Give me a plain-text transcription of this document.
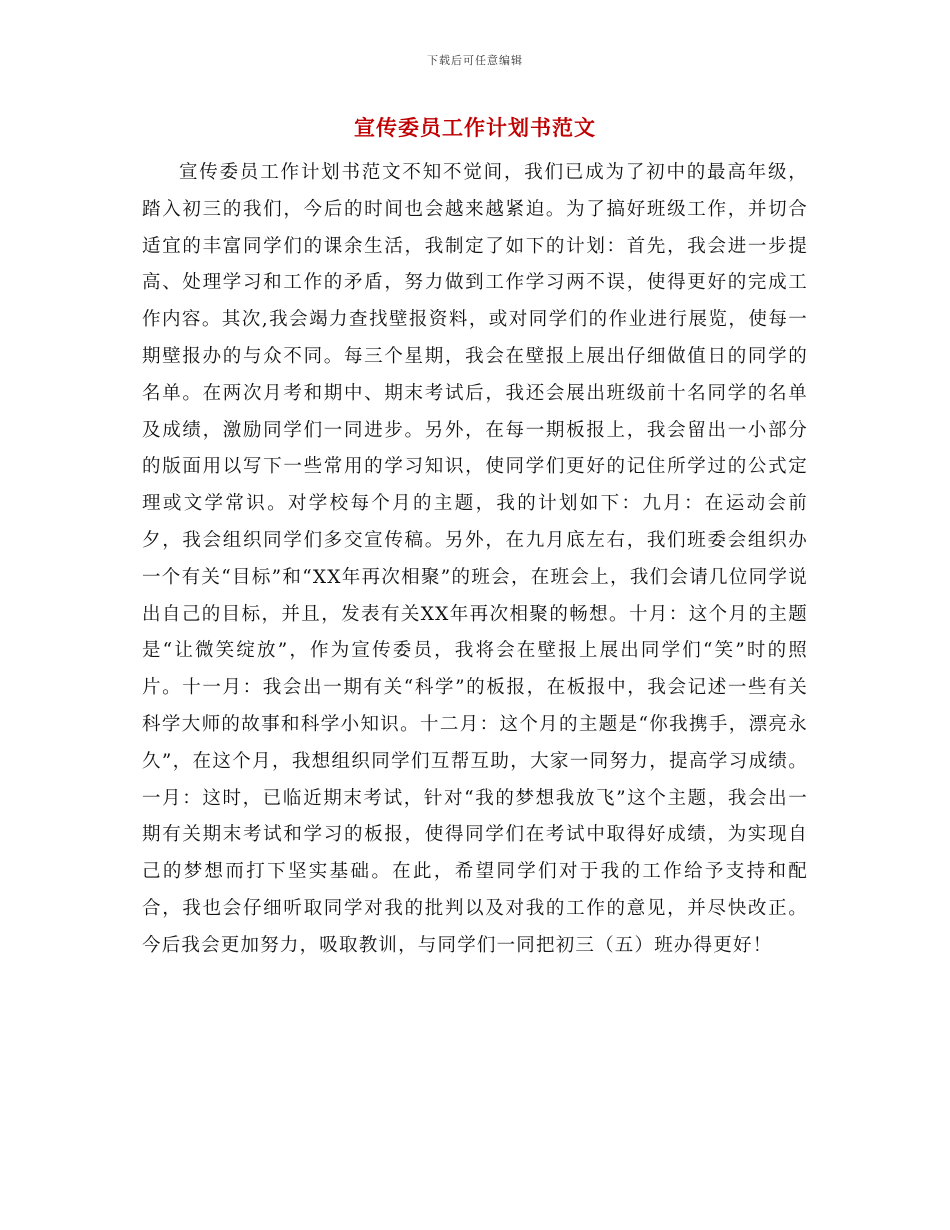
下载后可任意编辑
宣传委员工作计划书范文

宣传委员工作计划书范文不知不觉间，我们已成为了初中的最高年级，踏入初三的我们，今后的时间也会越来越紧迫。为了搞好班级工作，并切合适宜的丰富同学们的课余生活，我制定了如下的计划：首先，我会进一步提高、处理学习和工作的矛盾，努力做到工作学习两不误，使得更好的完成工作内容。其次,我会竭力查找壁报资料，或对同学们的作业进行展览，使每一期壁报办的与众不同。每三个星期，我会在壁报上展出仔细做值日的同学的名单。在两次月考和期中、期末考试后，我还会展出班级前十名同学的名单及成绩，激励同学们一同进步。另外，在每一期板报上，我会留出一小部分的版面用以写下一些常用的学习知识，使同学们更好的记住所学过的公式定理或文学常识。对学校每个月的主题，我的计划如下：九月：在运动会前夕，我会组织同学们多交宣传稿。另外，在九月底左右，我们班委会组织办一个有关“目标”和“XX年再次相聚”的班会，在班会上，我们会请几位同学说出自己的目标，并且，发表有关XX年再次相聚的畅想。十月：这个月的主题是“让微笑绽放”，作为宣传委员，我将会在壁报上展出同学们“笑”时的照片。十一月：我会出一期有关“科学”的板报，在板报中，我会记述一些有关科学大师的故事和科学小知识。十二月：这个月的主题是“你我携手，漂亮永久”，在这个月，我想组织同学们互帮互助，大家一同努力，提高学习成绩。一月：这时，已临近期末考试，针对“我的梦想我放飞”这个主题，我会出一期有关期末考试和学习的板报，使得同学们在考试中取得好成绩，为实现自己的梦想而打下坚实基础。在此，希望同学们对于我的工作给予支持和配合，我也会仔细听取同学对我的批判以及对我的工作的意见，并尽快改正。今后我会更加努力，吸取教训，与同学们一同把初三（五）班办得更好！
